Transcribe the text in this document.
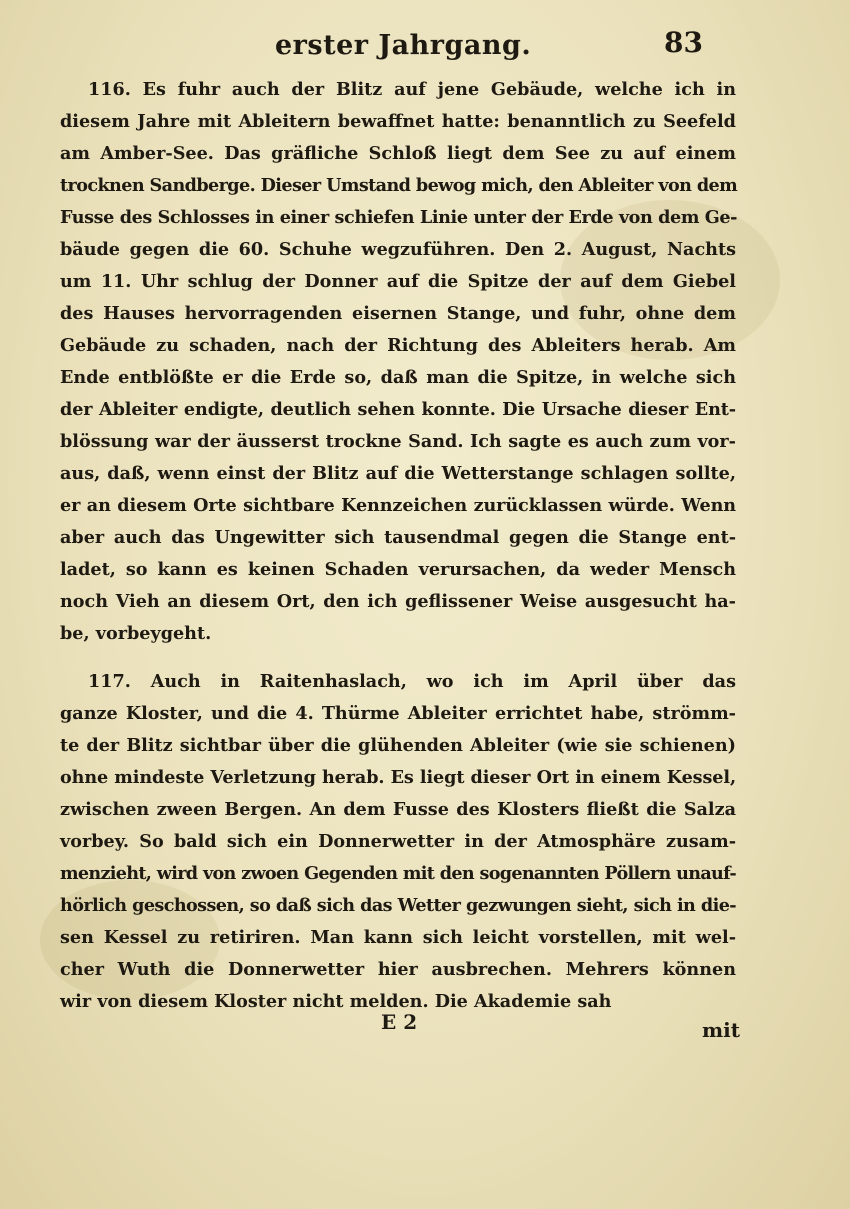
erster Jahrgang.	83
116. Es fuhr auch der Blitz auf jene Gebäude, welche ich in
diesem Jahre mit Ableitern bewaffnet hatte: benanntlich zu Seefeld
am Amber-See. Das gräfliche Schloß liegt dem See zu auf einem
trocknen Sandberge. Dieser Umstand bewog mich, den Ableiter von dem
Fusse des Schlosses in einer schiefen Linie unter der Erde von dem Ge-
bäude gegen die 60. Schuhe wegzuführen. Den 2. August, Nachts
um 11. Uhr schlug der Donner auf die Spitze der auf dem Giebel
des Hauses hervorragenden eisernen Stange, und fuhr, ohne dem
Gebäude zu schaden, nach der Richtung des Ableiters herab. Am
Ende entblößte er die Erde so, daß man die Spitze, in welche sich
der Ableiter endigte, deutlich sehen konnte. Die Ursache dieser Ent-
blössung war der äusserst trockne Sand. Ich sagte es auch zum vor-
aus, daß, wenn einst der Blitz auf die Wetterstange schlagen sollte,
er an diesem Orte sichtbare Kennzeichen zurücklassen würde. Wenn
aber auch das Ungewitter sich tausendmal gegen die Stange ent-
ladet, so kann es keinen Schaden verursachen, da weder Mensch
noch Vieh an diesem Ort, den ich geflissener Weise ausgesucht ha-
be, vorbeygeht.
117. Auch in Raitenhaslach, wo ich im April über das
ganze Kloster, und die 4. Thürme Ableiter errichtet habe, strömm-
te der Blitz sichtbar über die glühenden Ableiter (wie sie schienen)
ohne mindeste Verletzung herab. Es liegt dieser Ort in einem Kessel,
zwischen zween Bergen. An dem Fusse des Klosters fließt die Salza
vorbey. So bald sich ein Donnerwetter in der Atmosphäre zusam-
menzieht, wird von zwoen Gegenden mit den sogenannten Pöllern unauf-
hörlich geschossen, so daß sich das Wetter gezwungen sieht, sich in die-
sen Kessel zu retiriren. Man kann sich leicht vorstellen, mit wel-
cher Wuth die Donnerwetter hier ausbrechen. Mehrers können
wir von diesem Kloster nicht melden. Die Akademie sah
E 2	mit
